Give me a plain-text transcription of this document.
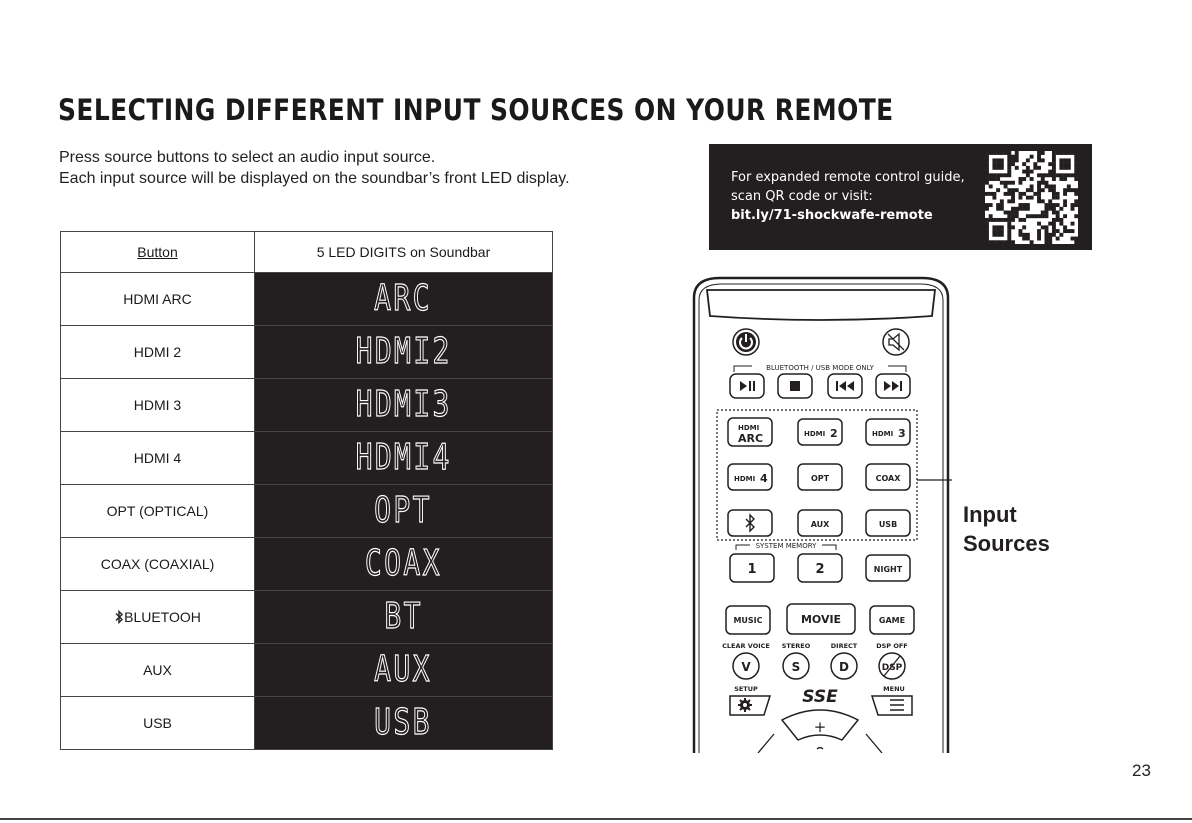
SELECTING DIFFERENT INPUT SOURCES ON YOUR REMOTE
Press source buttons to select an audio input source.
Each input source will be displayed on the soundbar’s front LED display.	For expanded remote control guide,
scan QR code or visit:
bit.ly/71-shockwafe-remote
Button	5 LED DIGITS on Soundbar
HDMI ARC	ARC
HDMI 2	HDMI2
HDMI 3	HDMI3
HDMI 4	HDMI4
OPT (OPTICAL)	OPT
COAX (COAXIAL)	COAX
BLUETOOH	BT
AUX	AUX
USB	USB
BLUETOOTH / USB MODE ONLY
HDMI
ARC	HDMI 2	HDMI 3
HDMI 4	OPT	COAX
AUX	USB
SYSTEM MEMORY
1	2	NIGHT
MUSIC	MOVIE	GAME
CLEAR VOICE STEREO	DIRECT	DSP OFF
V	S	D	DSP
SETUP	MENU
SSE
+
Input
Sources
23
